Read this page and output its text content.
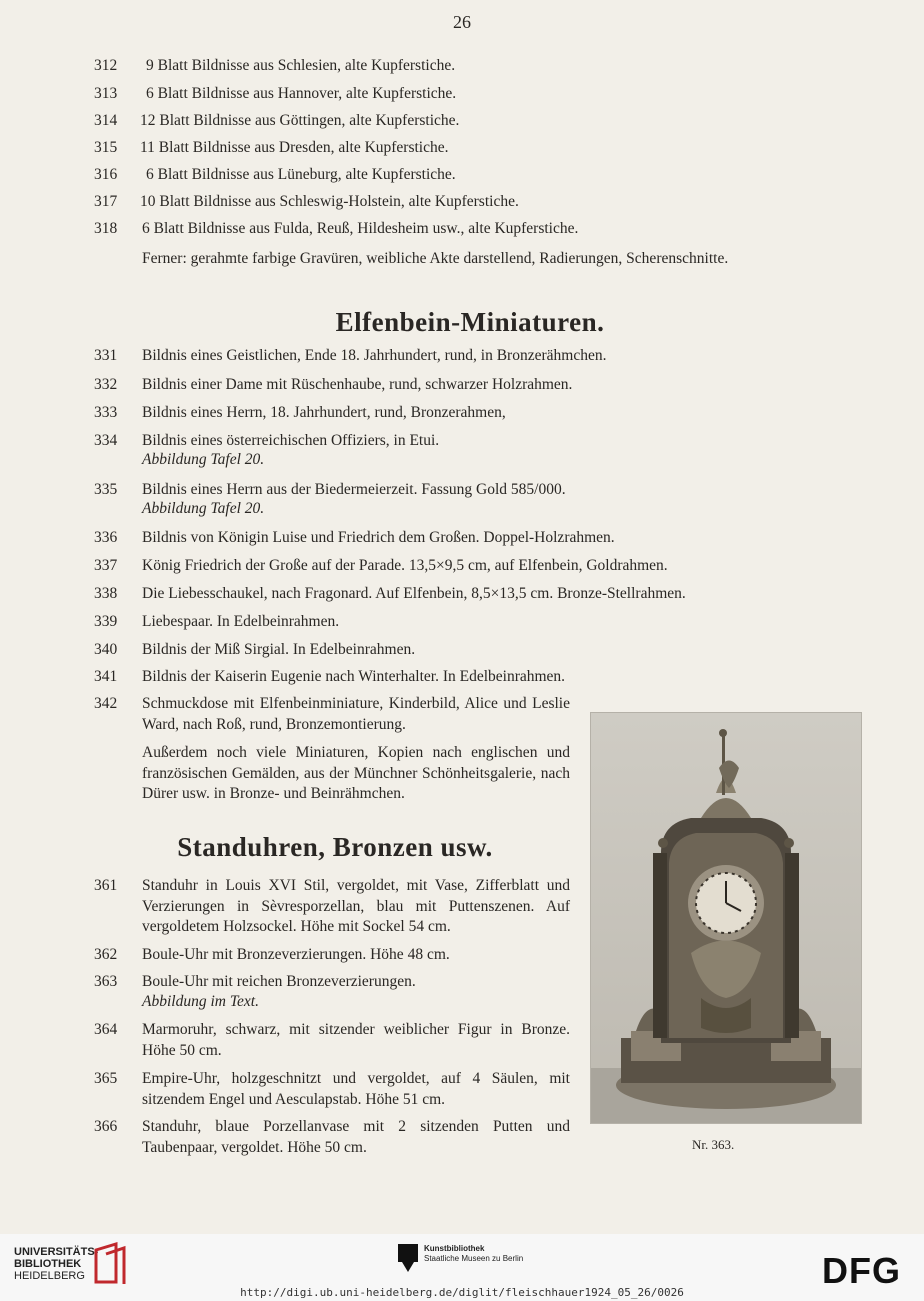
26
312	9 Blatt Bildnisse aus Schlesien, alte Kupferstiche.
313	6 Blatt Bildnisse aus Hannover, alte Kupferstiche.
314	12 Blatt Bildnisse aus Göttingen, alte Kupferstiche.
315	11 Blatt Bildnisse aus Dresden, alte Kupferstiche.
316	6 Blatt Bildnisse aus Lüneburg, alte Kupferstiche.
317	10 Blatt Bildnisse aus Schleswig-Holstein, alte Kupferstiche.
318	6 Blatt Bildnisse aus Fulda, Reuß, Hildesheim usw., alte Kupferstiche.
Ferner: gerahmte farbige Gravüren, weibliche Akte darstellend, Radierungen, Scherenschnitte.
Elfenbein-Miniaturen.
331	Bildnis eines Geistlichen, Ende 18. Jahrhundert, rund, in Bronzerähmchen.
332	Bildnis einer Dame mit Rüschenhaube, rund, schwarzer Holzrahmen.
333	Bildnis eines Herrn, 18. Jahrhundert, rund, Bronzerahmen,
334	Bildnis eines österreichischen Offiziers, in Etui.
Abbildung Tafel 20.
335	Bildnis eines Herrn aus der Biedermeierzeit. Fassung Gold 585/000.
Abbildung Tafel 20.
336	Bildnis von Königin Luise und Friedrich dem Großen. Doppel-Holzrahmen.
337	König Friedrich der Große auf der Parade. 13,5×9,5 cm, auf Elfenbein, Goldrahmen.
338	Die Liebesschaukel, nach Fragonard. Auf Elfenbein, 8,5×13,5 cm. Bronze-Stellrahmen.
339	Liebespaar. In Edelbeinrahmen.
340	Bildnis der Miß Sirgial. In Edelbeinrahmen.
341	Bildnis der Kaiserin Eugenie nach Winterhalter. In Edelbeinrahmen.
342	Schmuckdose mit Elfenbeinminiature, Kinderbild, Alice und Leslie Ward, nach Roß, rund, Bronzemontierung.
Außerdem noch viele Miniaturen, Kopien nach englischen und französischen Gemälden, aus der Münchner Schönheitsgalerie, nach Dürer usw. in Bronze- und Beinrähmchen.
Standuhren, Bronzen usw.
361	Standuhr in Louis XVI Stil, vergoldet, mit Vase, Zifferblatt und Verzierungen in Sèvresporzellan, blau mit Puttenszenen. Auf vergoldetem Holzsockel. Höhe mit Sockel 54 cm.
362	Boule-Uhr mit Bronzeverzierungen. Höhe 48 cm.
363	Boule-Uhr mit reichen Bronzeverzierungen.
Abbildung im Text.
364	Marmoruhr, schwarz, mit sitzender weiblicher Figur in Bronze. Höhe 50 cm.
365	Empire-Uhr, holzgeschnitzt und vergoldet, auf 4 Säulen, mit sitzendem Engel und Aesculapstab. Höhe 51 cm.
366	Standuhr, blaue Porzellanvase mit 2 sitzenden Putten und Taubenpaar, vergoldet. Höhe 50 cm.	Nr. 363.
UNIVERSITÄTS-
BIBLIOTHEK
HEIDELBERG
Kunstbibliothek
Staatliche Museen zu Berlin	DFG
http://digi.ub.uni-heidelberg.de/diglit/fleischhauer1924_05_26/0026
